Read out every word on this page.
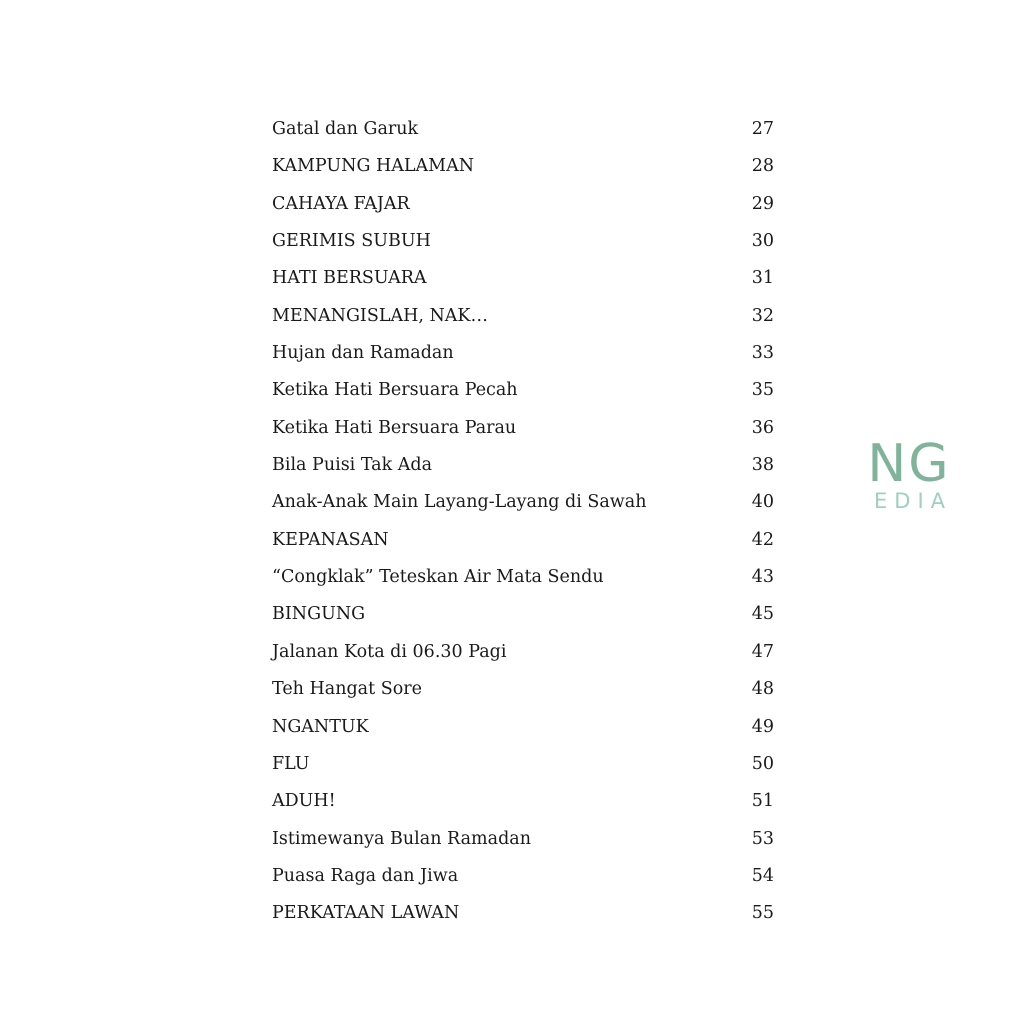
Gatal dan Garuk	27
KAMPUNG HALAMAN	28
CAHAYA FAJAR	29
GERIMIS SUBUH	30
HATI BERSUARA	31
MENANGISLAH, NAK…	32
Hujan dan Ramadan	33
Ketika Hati Bersuara Pecah	35
Ketika Hati Bersuara Parau	36
Bila Puisi Tak Ada	38
Anak-Anak Main Layang-Layang di Sawah	40
KEPANASAN	42
“Congklak” Teteskan Air Mata Sendu	43
BINGUNG	45
Jalanan Kota di 06.30 Pagi	47
Teh Hangat Sore	48
NGANTUK	49
FLU	50
ADUH!	51
Istimewanya Bulan Ramadan	53
Puasa Raga dan Jiwa	54
PERKATAAN LAWAN	55
NG
EDIA
